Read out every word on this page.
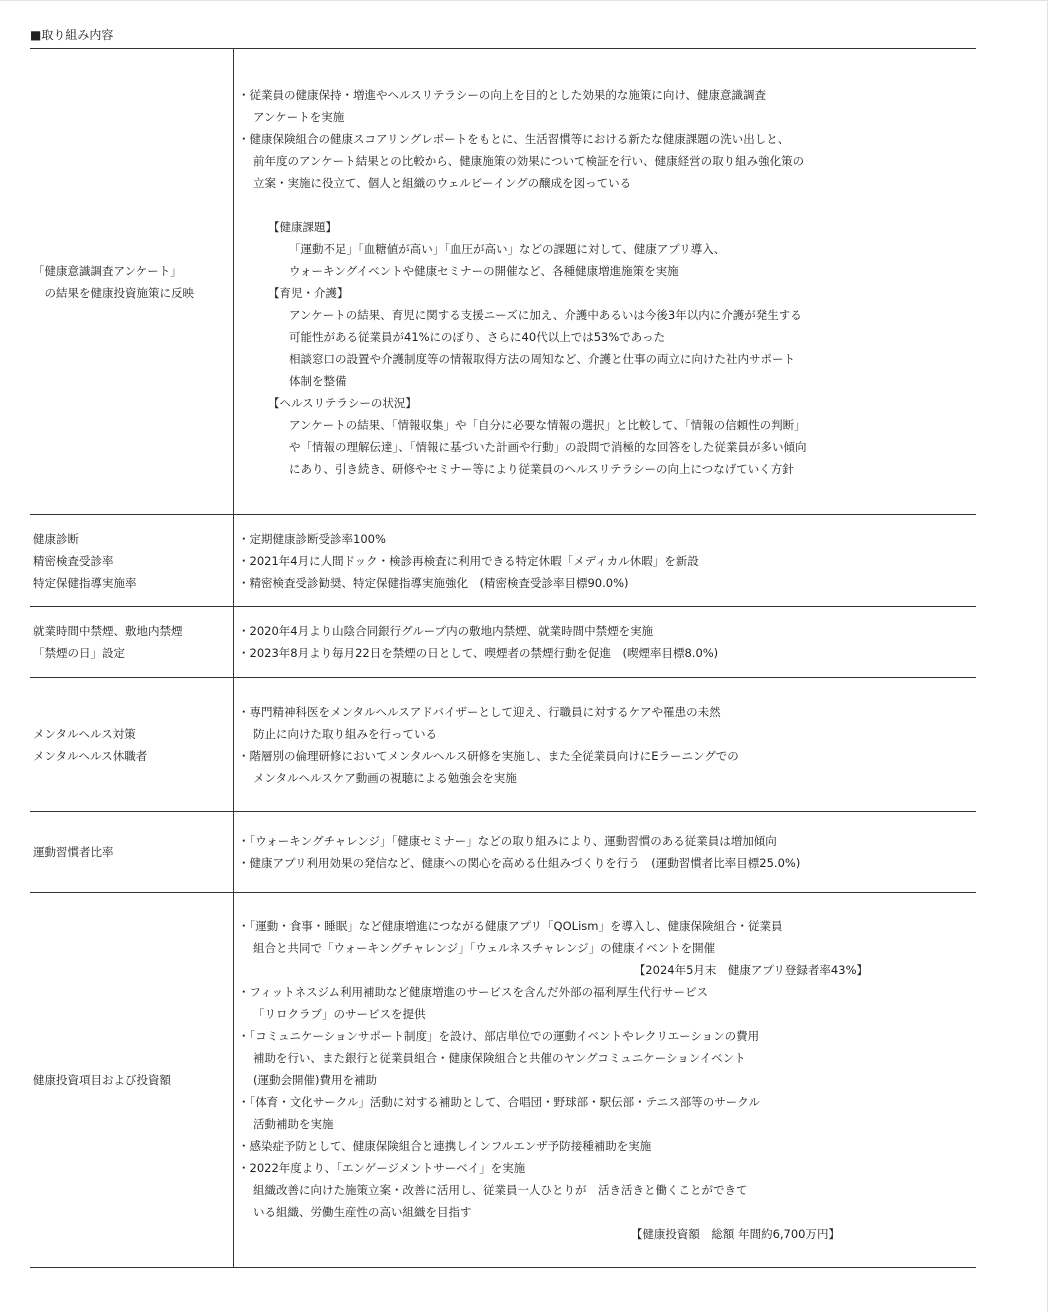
■取り組み内容
「健康意識調査アンケート」
　の結果を健康投資施策に反映
・従業員の健康保持・増進やヘルスリテラシーの向上を目的とした効果的な施策に向け、健康意識調査
アンケートを実施
・健康保険組合の健康スコアリングレポートをもとに、生活習慣等における新たな健康課題の洗い出しと、
前年度のアンケート結果との比較から、健康施策の効果について検証を行い、健康経営の取り組み強化策の
立案・実施に役立て、個人と組織のウェルビーイングの醸成を図っている
【健康課題】
「運動不足」「血糖値が高い」「血圧が高い」などの課題に対して、健康アプリ導入、
ウォーキングイベントや健康セミナーの開催など、各種健康増進施策を実施
【育児・介護】
アンケートの結果、育児に関する支援ニーズに加え、介護中あるいは今後3年以内に介護が発生する
可能性がある従業員が41%にのぼり、さらに40代以上では53%であった
相談窓口の設置や介護制度等の情報取得方法の周知など、介護と仕事の両立に向けた社内サポート
体制を整備
【ヘルスリテラシーの状況】
アンケートの結果、「情報収集」や「自分に必要な情報の選択」と比較して、「情報の信頼性の判断」
や「情報の理解伝達」、「情報に基づいた計画や行動」の設問で消極的な回答をした従業員が多い傾向
にあり、引き続き、研修やセミナー等により従業員のヘルスリテラシーの向上につなげていく方針
健康診断
精密検査受診率
特定保健指導実施率
・定期健康診断受診率100%
・2021年4月に人間ドック・検診再検査に利用できる特定休暇「メディカル休暇」を新設
・精密検査受診勧奨、特定保健指導実施強化　(精密検査受診率目標90.0%)
就業時間中禁煙、敷地内禁煙
「禁煙の日」設定
・2020年4月より山陰合同銀行グループ内の敷地内禁煙、就業時間中禁煙を実施
・2023年8月より毎月22日を禁煙の日として、喫煙者の禁煙行動を促進　(喫煙率目標8.0%)
メンタルヘルス対策
メンタルヘルス休職者
・専門精神科医をメンタルヘルスアドバイザーとして迎え、行職員に対するケアや罹患の未然
防止に向けた取り組みを行っている
・階層別の倫理研修においてメンタルヘルス研修を実施し、また全従業員向けにEラーニングでの
メンタルヘルスケア動画の視聴による勉強会を実施
運動習慣者比率
・「ウォーキングチャレンジ」「健康セミナー」などの取り組みにより、運動習慣のある従業員は増加傾向
・健康アプリ利用効果の発信など、健康への関心を高める仕組みづくりを行う　(運動習慣者比率目標25.0%)
健康投資項目および投資額
・「運動・食事・睡眠」など健康増進につながる健康アプリ「QOLism」を導入し、健康保険組合・従業員
組合と共同で「ウォーキングチャレンジ」「ウェルネスチャレンジ」の健康イベントを開催
【2024年5月末　健康アプリ登録者率43%】
・フィットネスジム利用補助など健康増進のサービスを含んだ外部の福利厚生代行サービス
「リロクラブ」のサービスを提供
・「コミュニケーションサポート制度」を設け、部店単位での運動イベントやレクリエーションの費用
補助を行い、また銀行と従業員組合・健康保険組合と共催のヤングコミュニケーションイベント
(運動会開催)費用を補助
・「体育・文化サークル」活動に対する補助として、合唱団・野球部・駅伝部・テニス部等のサークル
活動補助を実施
・感染症予防として、健康保険組合と連携しインフルエンザ予防接種補助を実施
・2022年度より、「エンゲージメントサーベイ」を実施
組織改善に向けた施策立案・改善に活用し、従業員一人ひとりが　活き活きと働くことができて
いる組織、労働生産性の高い組織を目指す
【健康投資額　総額 年間約6,700万円】
